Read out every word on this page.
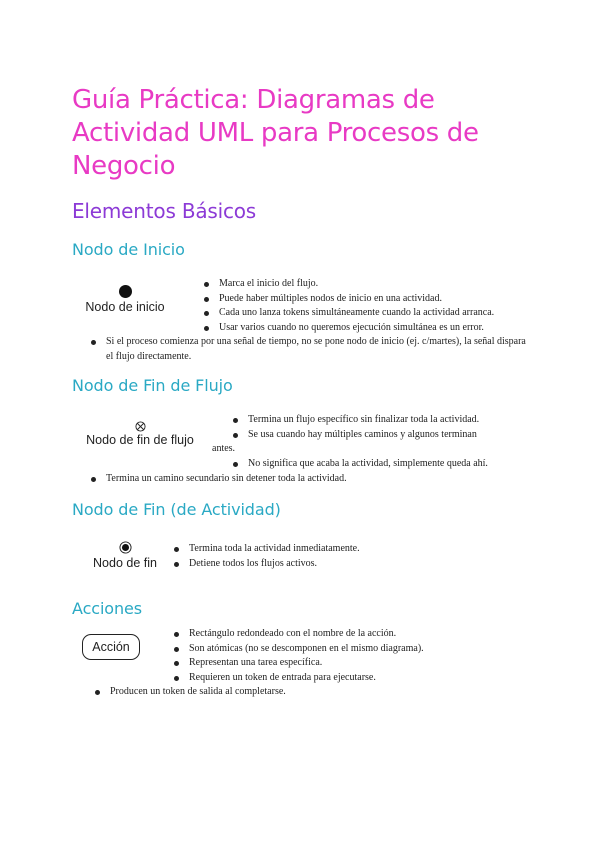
Guía Práctica: Diagramas de Actividad UML para Procesos de Negocio
Elementos Básicos
Nodo de Inicio
Nodo de inicio
Marca el inicio del flujo.
Puede haber múltiples nodos de inicio en una actividad.
Cada uno lanza tokens simultáneamente cuando la actividad arranca.
Usar varios cuando no queremos ejecución simultánea es un error.
Si el proceso comienza por una señal de tiempo, no se pone nodo de inicio (ej. c/martes), la señal dispara el flujo directamente.
Nodo de Fin de Flujo
Nodo de fin de flujo
Termina un flujo específico sin finalizar toda la actividad.
Se usa cuando hay múltiples caminos y algunos terminan
antes.
No significa que acaba la actividad, simplemente queda ahí.
Termina un camino secundario sin detener toda la actividad.
Nodo de Fin (de Actividad)
Nodo de fin
Termina toda la actividad inmediatamente.
Detiene todos los flujos activos.
Acciones
Acción
Rectángulo redondeado con el nombre de la acción.
Son atómicas (no se descomponen en el mismo diagrama).
Representan una tarea específica.
Requieren un token de entrada para ejecutarse.
Producen un token de salida al completarse.
